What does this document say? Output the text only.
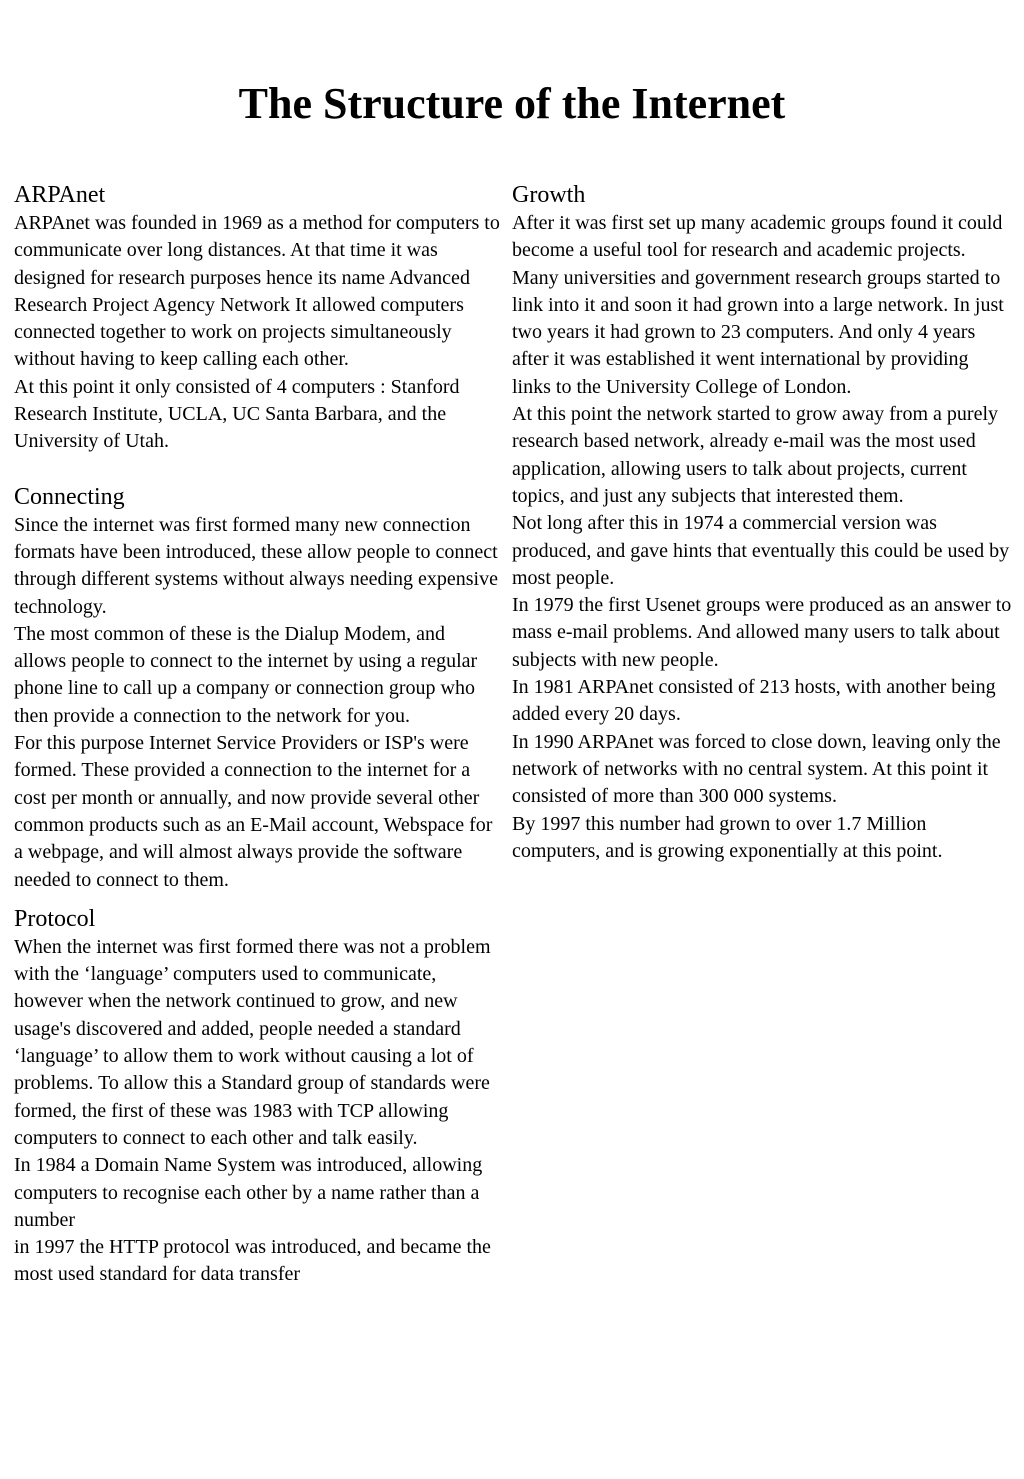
The Structure of the Internet
ARPAnet

ARPAnet was founded in 1969 as a method for computers to communicate over long distances. At that time it was designed for research purposes hence its name Advanced Research Project Agency Network It allowed computers connected together to work on projects simultaneously without having to keep calling each other.

At this point it only consisted of 4 computers : Stanford Research Institute, UCLA, UC Santa Barbara, and the University of Utah.

Connecting

Since the internet was first formed many new connection formats have been introduced, these allow people to connect through different systems without always needing expensive technology.

The most common of these is the Dialup Modem, and allows people to connect to the internet by using a regular phone line to call up a company or connection group who then provide a connection to the network for you.

For this purpose Internet Service Providers or ISP's were formed. These provided a connection to the internet for a cost per month or annually, and now provide several other common products such as an E-Mail account, Webspace for a webpage, and will almost always provide the software needed to connect to them.

Protocol

When the internet was first formed there was not a problem with the ‘language’ computers used to communicate, however when the network continued to grow, and new usage's discovered and added, people needed a standard ‘language’ to allow them to work without causing a lot of problems. To allow this a Standard group of standards were formed, the first of these was 1983 with TCP allowing computers to connect to each other and talk easily.

In 1984 a Domain Name System was introduced, allowing computers to recognise each other by a name rather than a number

in 1997 the HTTP protocol was introduced, and became the most used standard for data transfer

Growth

After it was first set up many academic groups found it could become a useful tool for research and academic projects. Many universities and government research groups started to link into it and soon it had grown into a large network. In just two years it had grown to 23 computers. And only 4 years after it was established it went international by providing links to the University College of London.

At this point the network started to grow away from a purely research based network, already e-mail was the most used application, allowing users to talk about projects, current topics, and just any subjects that interested them.

Not long after this in 1974 a commercial version was produced, and gave hints that eventually this could be used by most people.

In 1979 the first Usenet groups were produced as an answer to mass e-mail problems. And allowed many users to talk about subjects with new people.

In 1981 ARPAnet consisted of 213 hosts, with another being added every 20 days.

In 1990 ARPAnet was forced to close down, leaving only the network of networks with no central system. At this point it consisted of more than 300 000 systems.

By 1997 this number had grown to over 1.7 Million computers, and is growing exponentially at this point.
